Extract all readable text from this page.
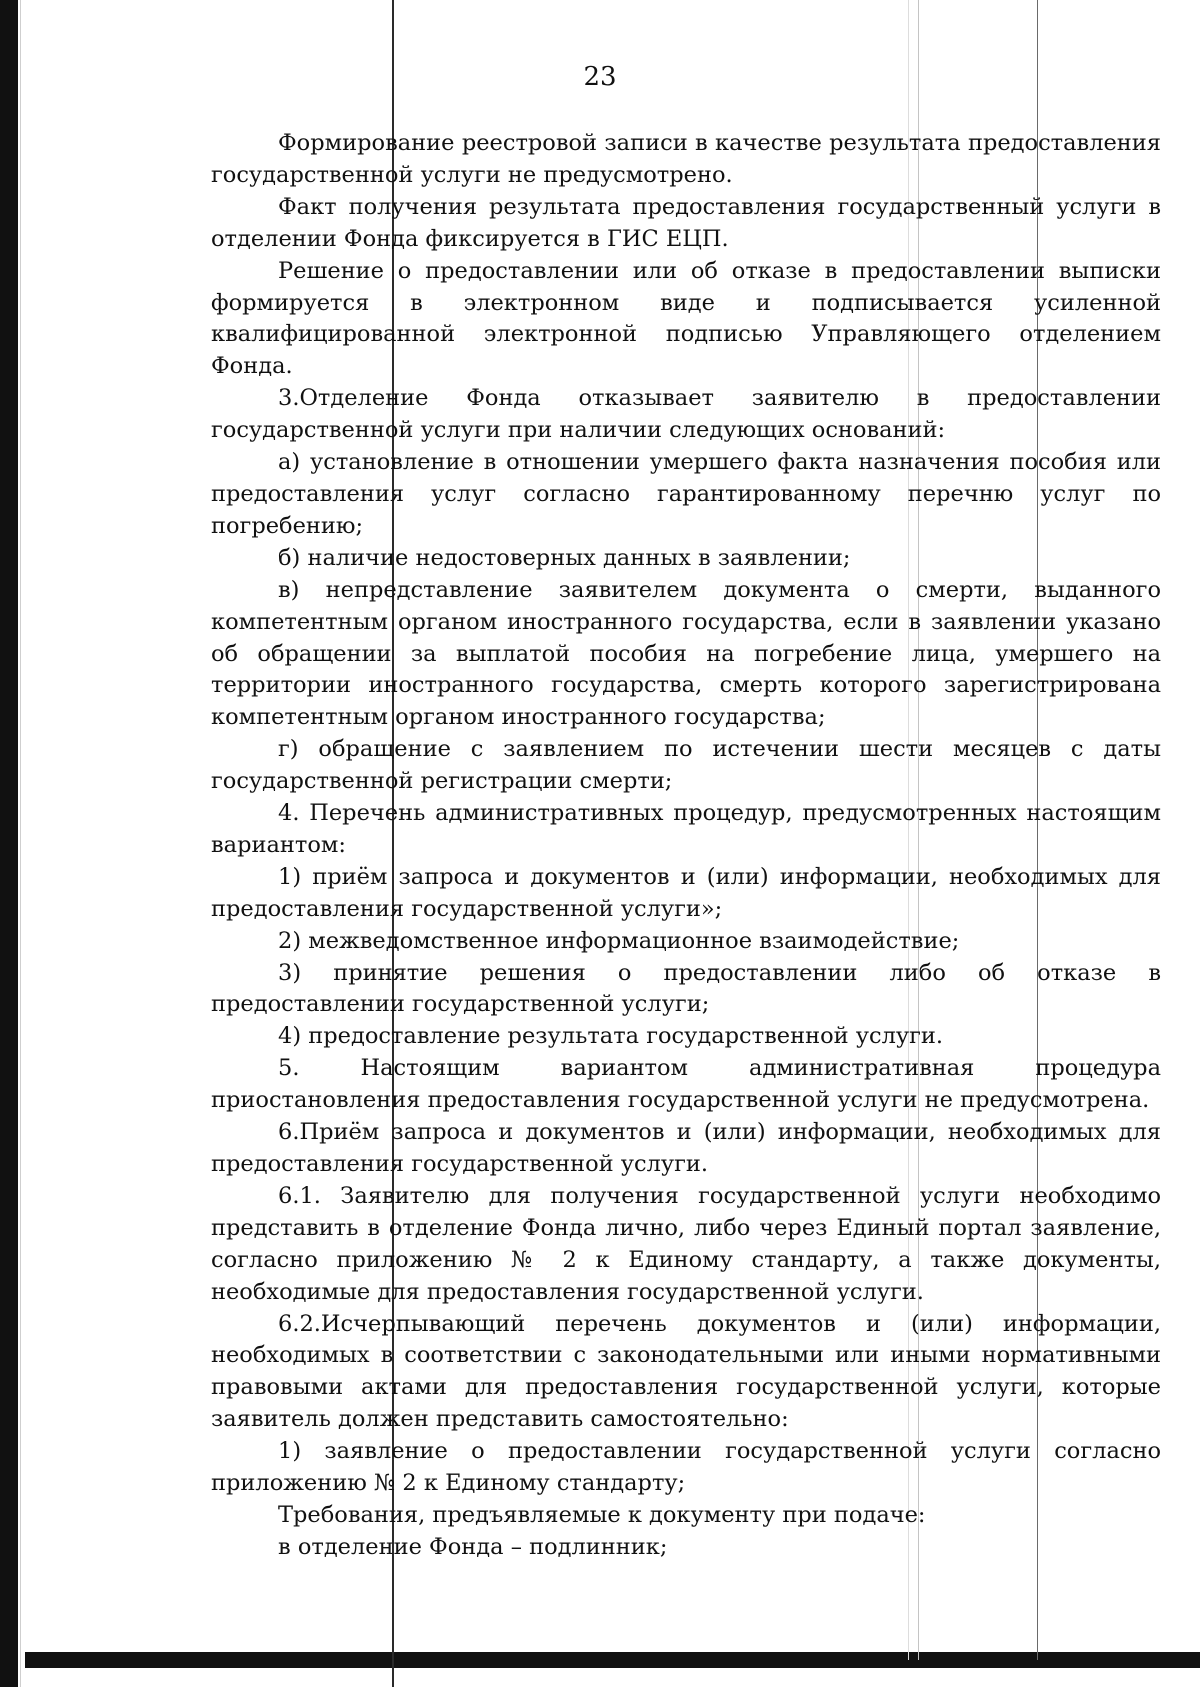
23

Формирование реестровой записи в качестве результата предоставления государственной услуги не предусмотрено.

Факт получения результата предоставления государственный услуги в отделении Фонда фиксируется в ГИС ЕЦП.

Решение о предоставлении или об отказе в предоставлении выписки формируется в электронном виде и подписывается усиленной квалифицированной электронной подписью Управляющего отделением Фонда.

3.Отделение Фонда отказывает заявителю в предоставлении государственной услуги при наличии следующих оснований:

а) установление в отношении умершего факта назначения пособия или предоставления услуг согласно гарантированному перечню услуг по погребению;

б) наличие недостоверных данных в заявлении;

в) непредставление заявителем документа о смерти, выданного компетентным органом иностранного государства, если в заявлении указано об обращении за выплатой пособия на погребение лица, умершего на территории иностранного государства, смерть которого зарегистрирована компетентным органом иностранного государства;

г) обращение с заявлением по истечении шести месяцев с даты государственной регистрации смерти;

4. Перечень административных процедур, предусмотренных настоящим вариантом:

1) приём запроса и документов и (или) информации, необходимых для предоставления государственной услуги»;

2) межведомственное информационное взаимодействие;

3) принятие решения о предоставлении либо об отказе в предоставлении государственной услуги;

4) предоставление результата государственной услуги.

5. Настоящим вариантом административная процедура приостановления предоставления государственной услуги не предусмотрена.

6.Приём запроса и документов и (или) информации, необходимых для предоставления государственной услуги.

6.1. Заявителю для получения государственной услуги необходимо представить в отделение Фонда лично, либо через Единый портал заявление, согласно приложению № 2 к Единому стандарту, а также документы, необходимые для предоставления государственной услуги.

6.2.Исчерпывающий перечень документов и (или) информации, необходимых в соответствии с законодательными или иными нормативными правовыми актами для предоставления государственной услуги, которые заявитель должен представить самостоятельно:

1) заявление о предоставлении государственной услуги согласно приложению № 2 к Единому стандарту;

Требования, предъявляемые к документу при подаче:

в отделение Фонда – подлинник;
